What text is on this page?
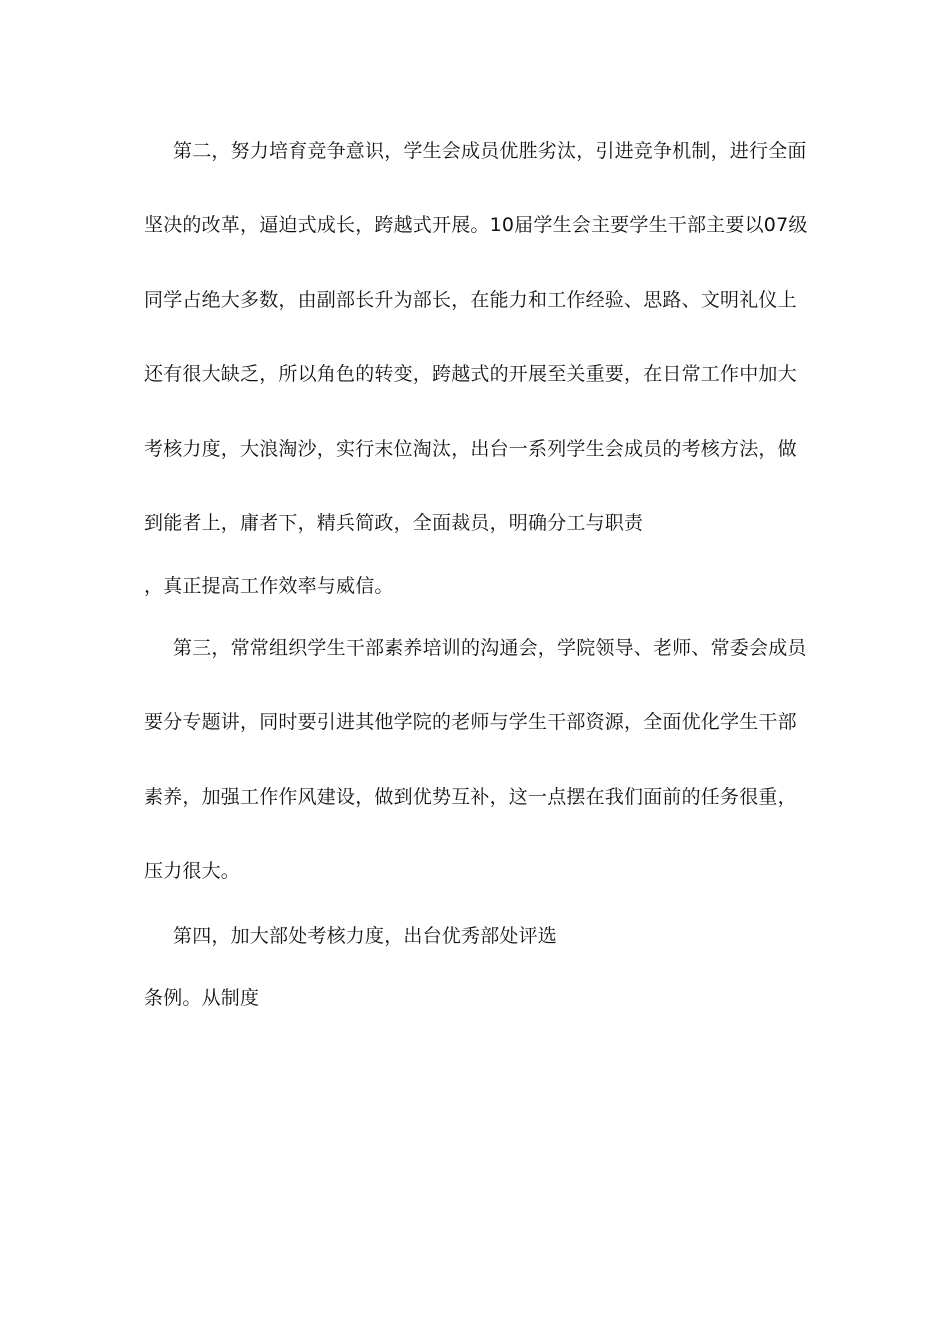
第二，努力培育竞争意识，学生会成员优胜劣汰，引进竞争机制，进行全面
坚决的改革，逼迫式成长，跨越式开展。10届学生会主要学生干部主要以07级
同学占绝大多数，由副部长升为部长，在能力和工作经验、思路、文明礼仪上
还有很大缺乏，所以角色的转变，跨越式的开展至关重要，在日常工作中加大
考核力度，大浪淘沙，实行末位淘汰，出台一系列学生会成员的考核方法，做
到能者上，庸者下，精兵简政，全面裁员，明确分工与职责
，真正提高工作效率与威信。
第三，常常组织学生干部素养培训的沟通会，学院领导、老师、常委会成员
要分专题讲，同时要引进其他学院的老师与学生干部资源，全面优化学生干部
素养，加强工作作风建设，做到优势互补，这一点摆在我们面前的任务很重，
压力很大。
第四，加大部处考核力度，出台优秀部处评选
条例。从制度
